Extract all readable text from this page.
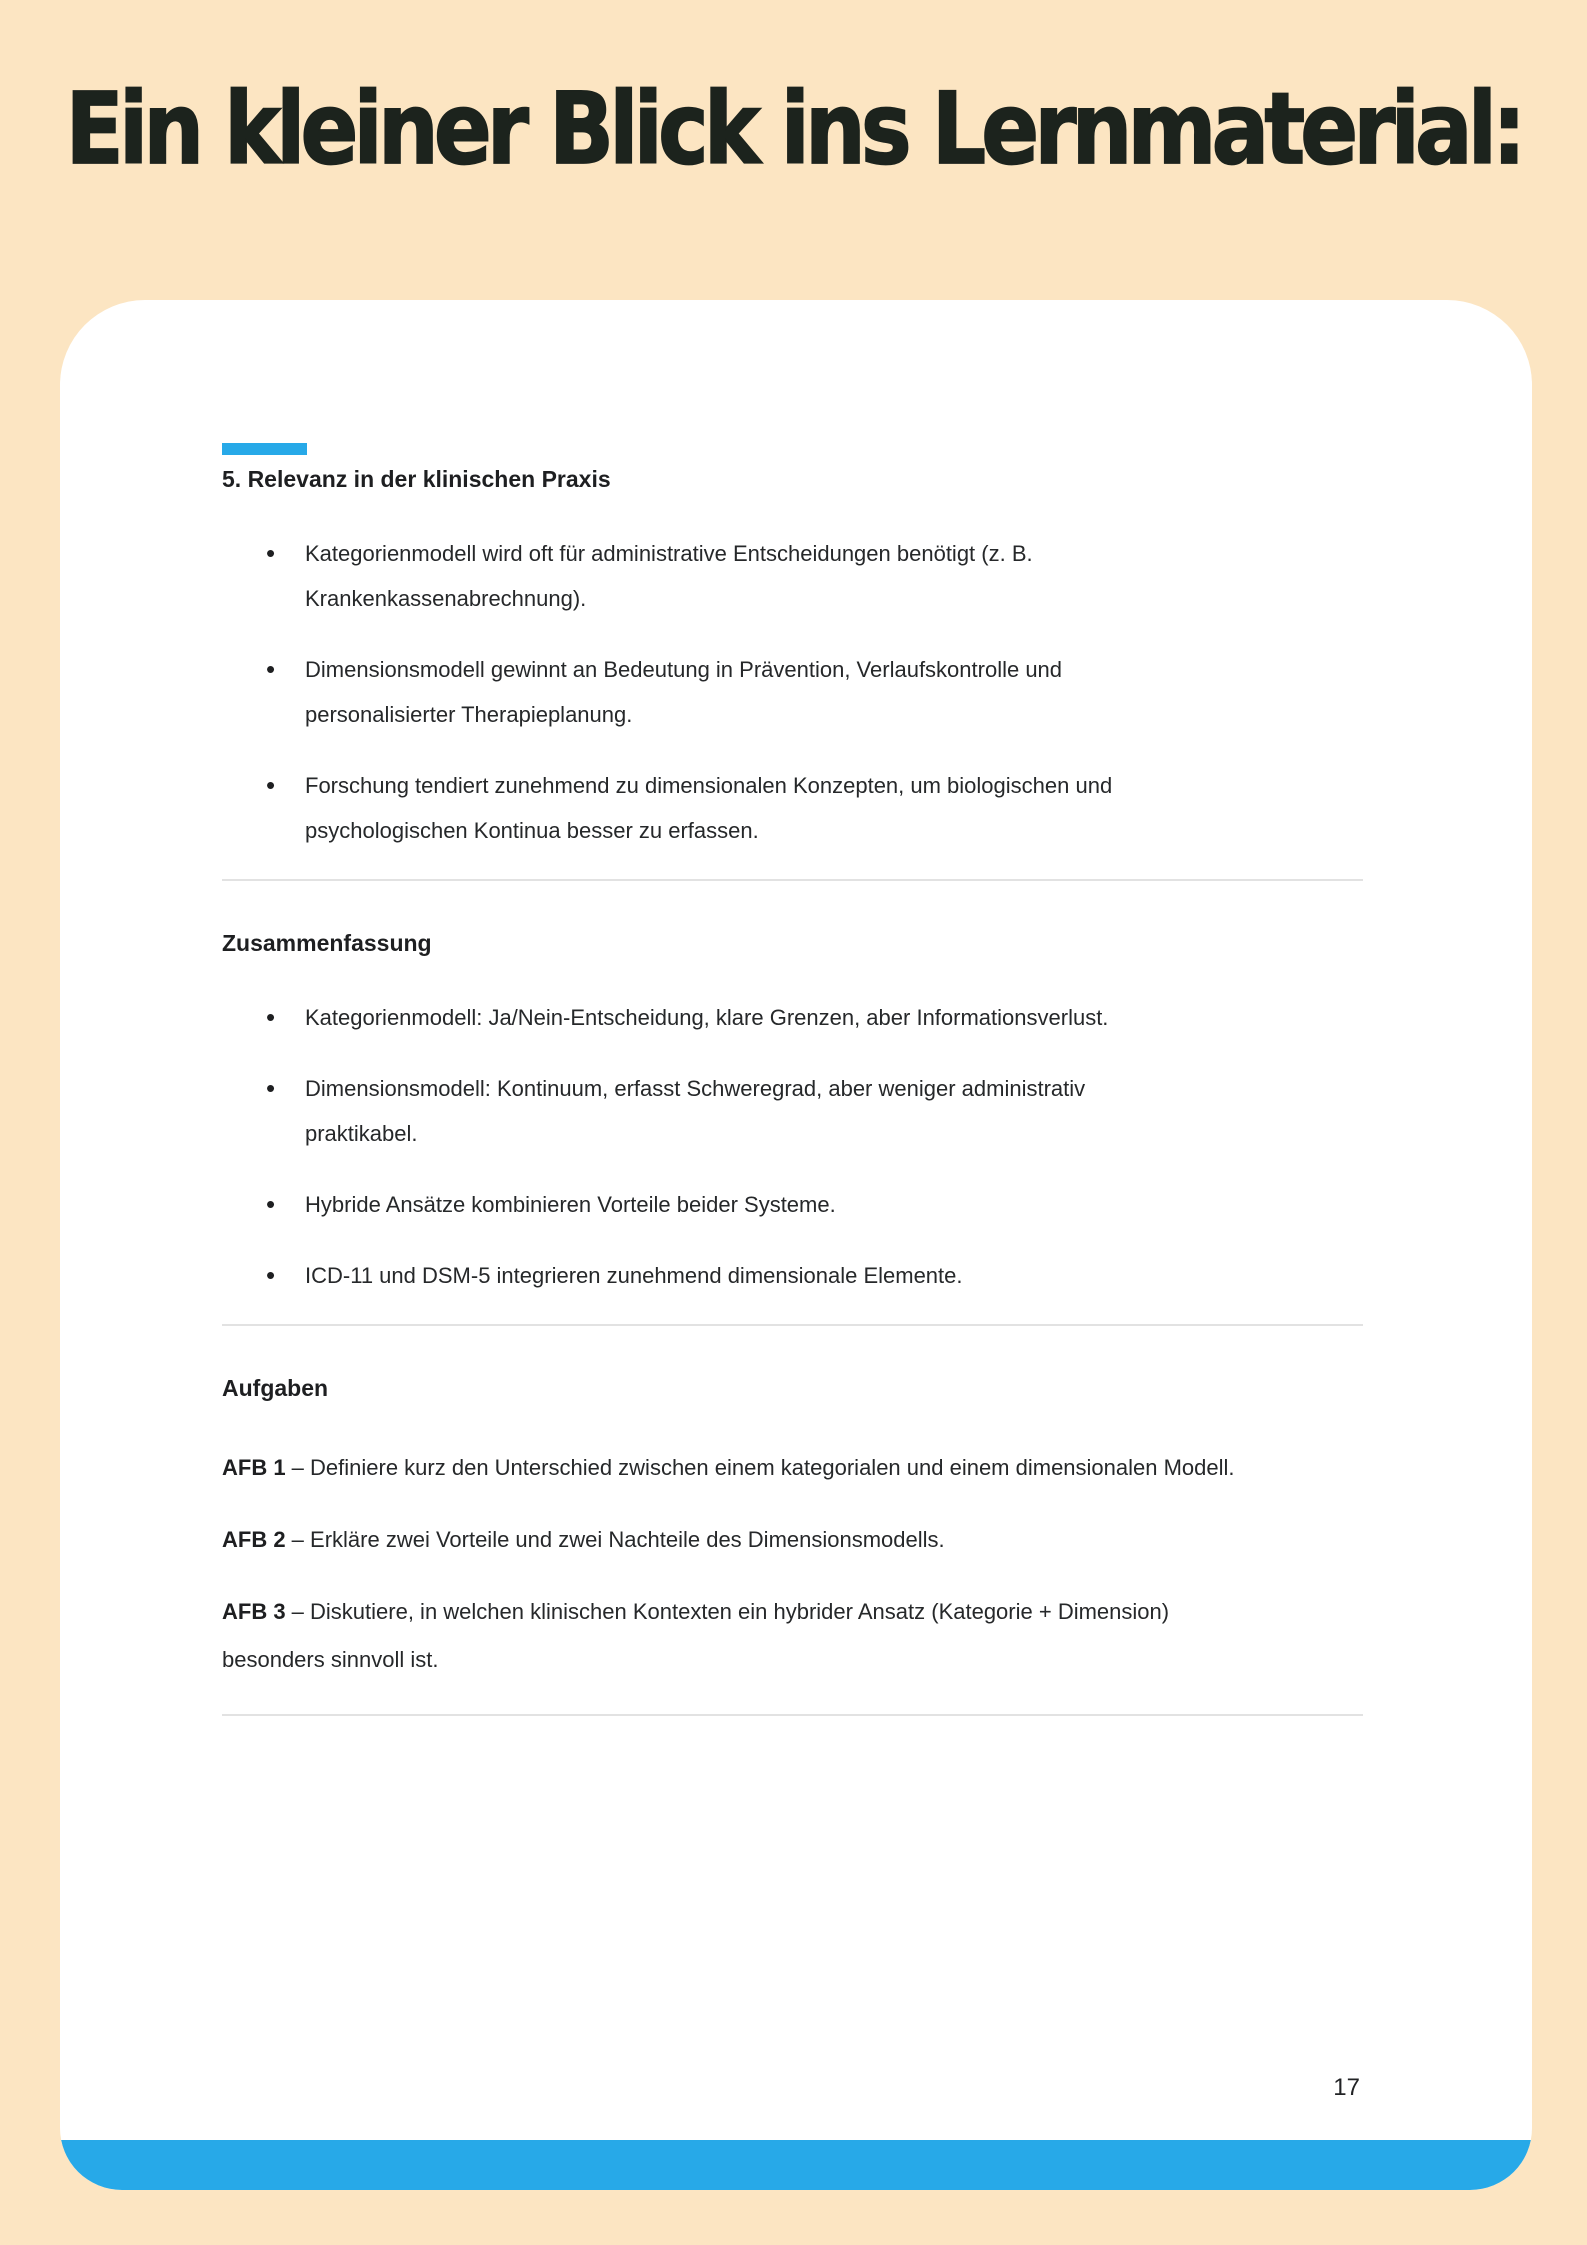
Ein kleiner Blick ins Lernmaterial:
5. Relevanz in der klinischen Praxis
• Kategorienmodell wird oft für administrative Entscheidungen benötigt (z. B. Krankenkassenabrechnung).
• Dimensionsmodell gewinnt an Bedeutung in Prävention, Verlaufskontrolle und personalisierter Therapieplanung.
• Forschung tendiert zunehmend zu dimensionalen Konzepten, um biologischen und psychologischen Kontinua besser zu erfassen.
Zusammenfassung
• Kategorienmodell: Ja/Nein-Entscheidung, klare Grenzen, aber Informationsverlust.
• Dimensionsmodell: Kontinuum, erfasst Schweregrad, aber weniger administrativ praktikabel.
• Hybride Ansätze kombinieren Vorteile beider Systeme.
• ICD-11 und DSM-5 integrieren zunehmend dimensionale Elemente.
Aufgaben

AFB 1 – Definiere kurz den Unterschied zwischen einem kategorialen und einem dimensionalen Modell.

AFB 2 – Erkläre zwei Vorteile und zwei Nachteile des Dimensionsmodells.

AFB 3 – Diskutiere, in welchen klinischen Kontexten ein hybrider Ansatz (Kategorie + Dimension) besonders sinnvoll ist.

17
